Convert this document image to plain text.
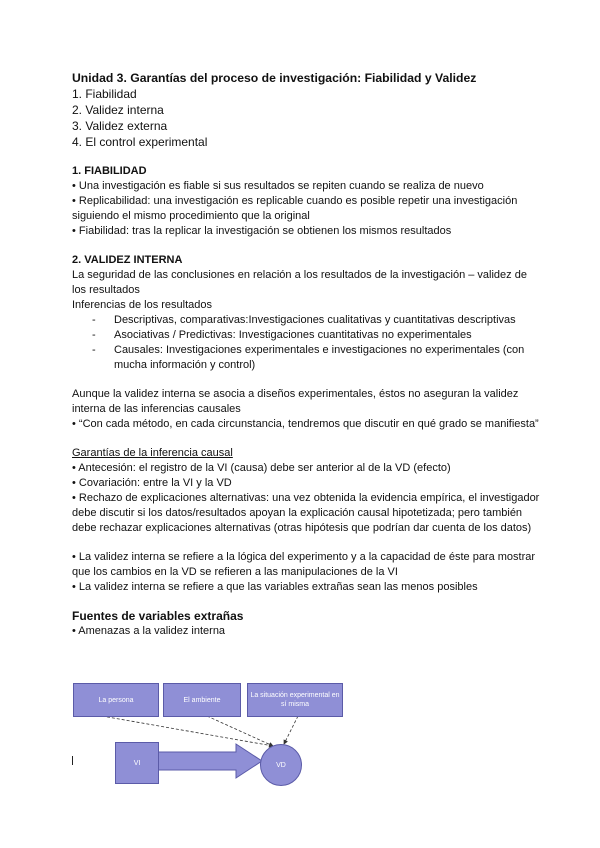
Unidad 3. Garantías del proceso de investigación: Fiabilidad y Validez
1. Fiabilidad
2. Validez interna
3. Validez externa
4. El control experimental
1. FIABILIDAD

• Una investigación es fiable si sus resultados se repiten cuando se realiza de nuevo

• Replicabilidad: una investigación es replicable cuando es posible repetir una investigación siguiendo el mismo procedimiento que la original

• Fiabilidad: tras la replicar la investigación se obtienen los mismos resultados

2. VALIDEZ INTERNA

La seguridad de las conclusiones en relación a los resultados de la investigación – validez de los resultados

Inferencias de los resultados

-	Descriptivas, comparativas:Investigaciones cualitativas y cuantitativas descriptivas
-	Asociativas / Predictivas: Investigaciones cuantitativas no experimentales
-	Causales: Investigaciones experimentales e investigaciones no experimentales (con mucha información y control)

Aunque la validez interna se asocia a diseños experimentales, éstos no aseguran la validez interna de las inferencias causales

• “Con cada método, en cada circunstancia, tendremos que discutir en qué grado se manifiesta”

Garantías de la inferencia causal

• Antecesión: el registro de la VI (causa) debe ser anterior al de la VD (efecto)

• Covariación: entre la VI y la VD

• Rechazo de explicaciones alternativas: una vez obtenida la evidencia empírica, el investigador debe discutir si los datos/resultados apoyan la explicación causal hipotetizada; pero también debe rechazar explicaciones alternativas (otras hipótesis que podrían dar cuenta de los datos)

• La validez interna se refiere a la lógica del experimento y a la capacidad de éste para mostrar que los cambios en la VD se refieren a las manipulaciones de la VI

• La validez interna se refiere a que las variables extrañas sean las menos posibles

Fuentes de variables extrañas

• Amenazas a la validez interna

La persona	El ambiente
La situación experimental en sí misma
VI	VD
